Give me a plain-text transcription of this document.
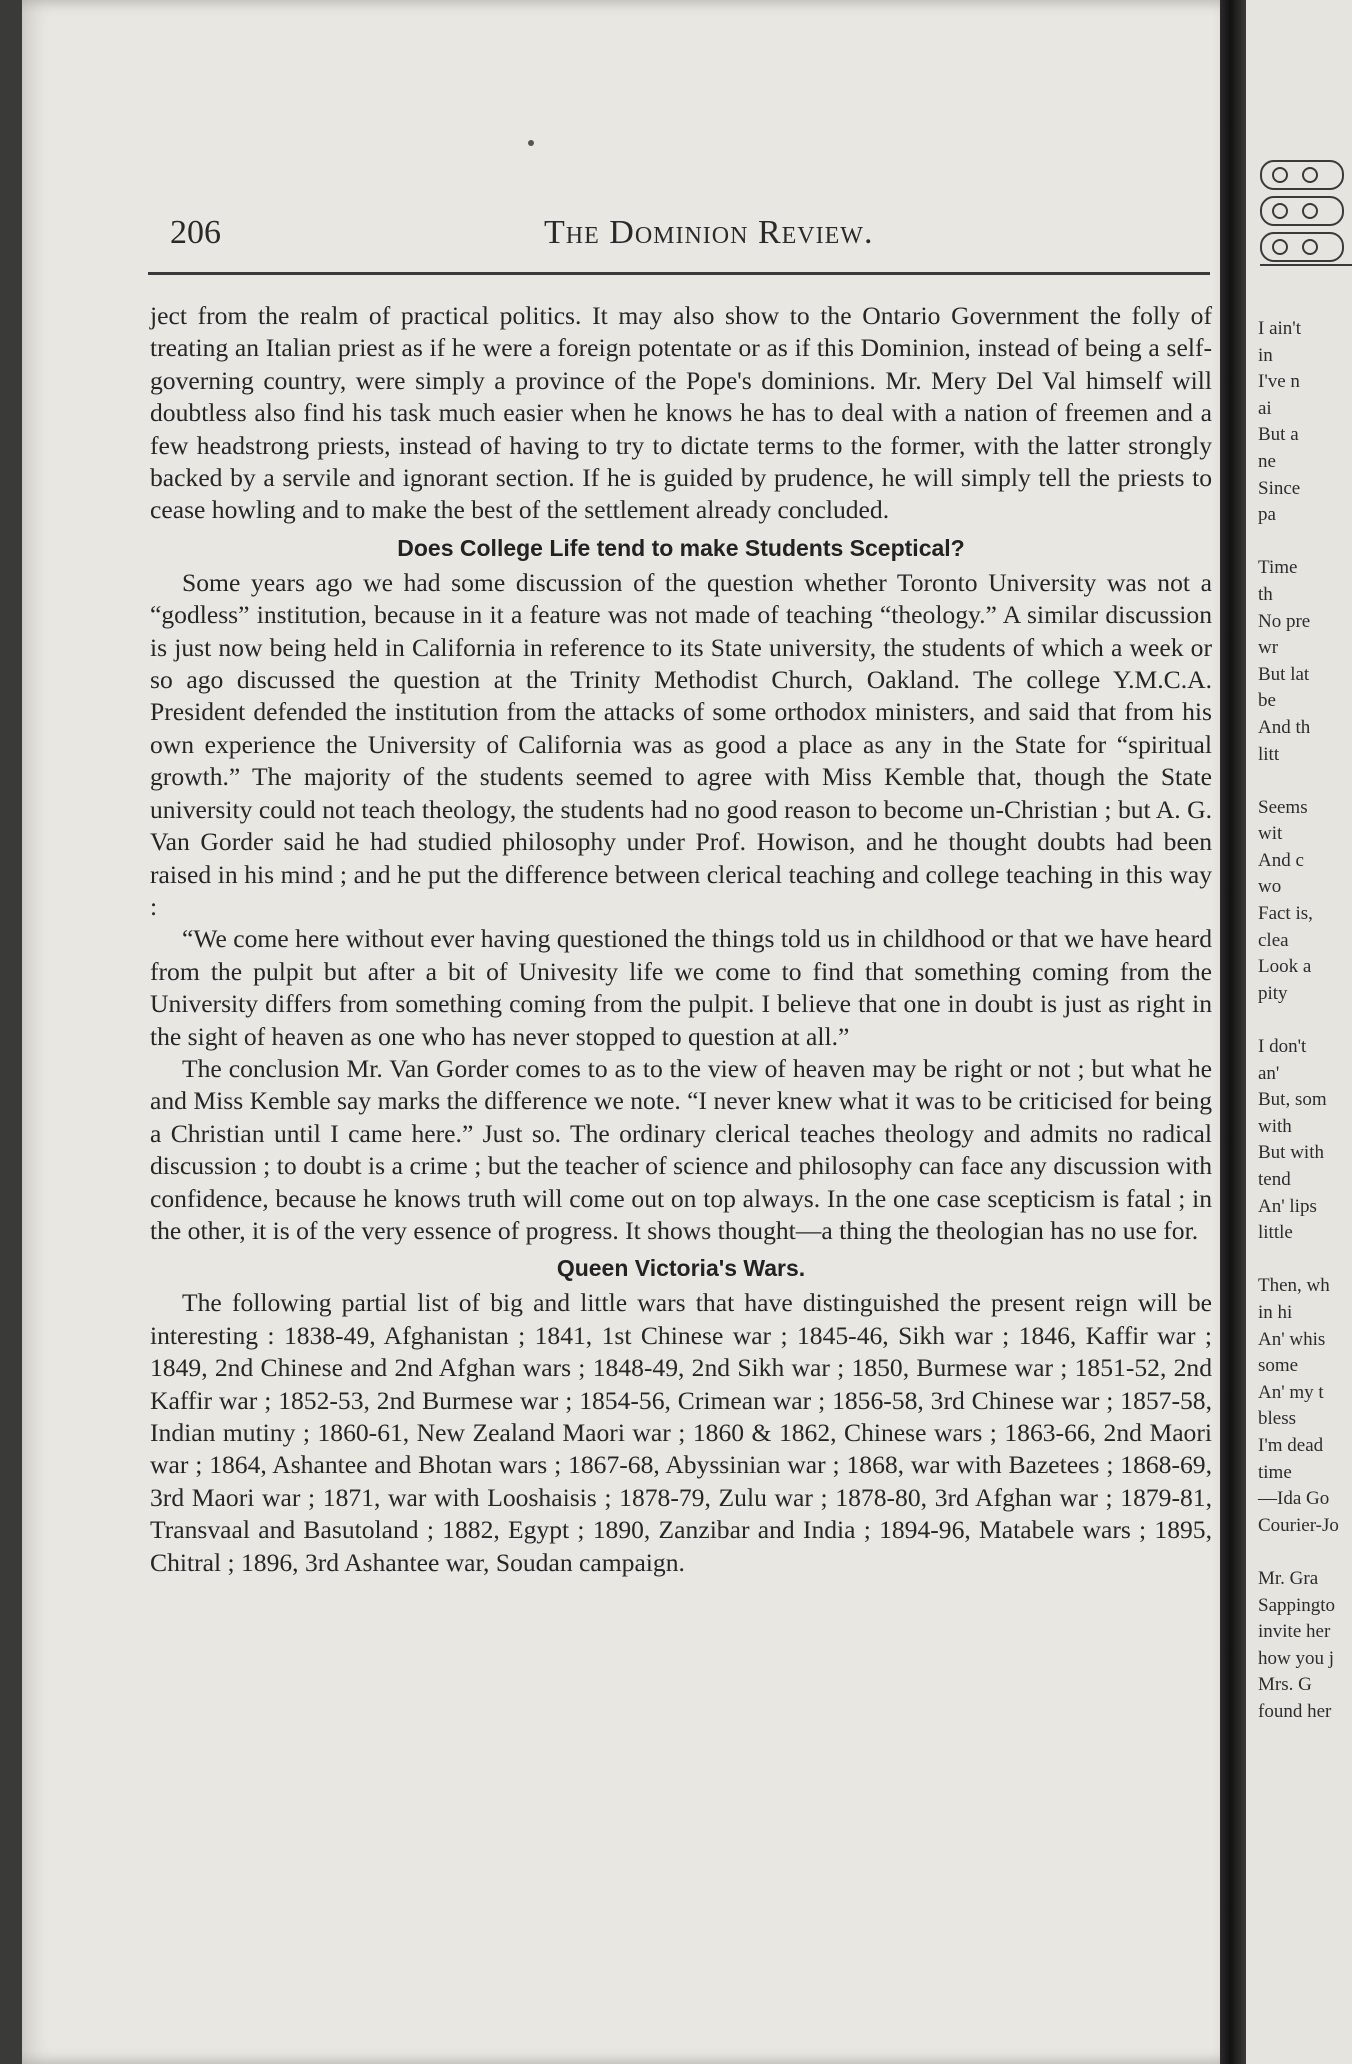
206	The Dominion Review.

ject from the realm of practical politics. It may also show to the Ontario Government the folly of treating an Italian priest as if he were a foreign potentate or as if this Dominion, instead of being a self-governing country, were simply a province of the Pope's dominions. Mr. Mery Del Val himself will doubtless also find his task much easier when he knows he has to deal with a nation of freemen and a few headstrong priests, instead of having to try to dictate terms to the former, with the latter strongly backed by a servile and ignorant section. If he is guided by prudence, he will simply tell the priests to cease howling and to make the best of the settlement already concluded.

Does College Life tend to make Students Sceptical?

Some years ago we had some discussion of the question whether Toronto University was not a “godless” institution, because in it a feature was not made of teaching “theology.” A similar discussion is just now being held in California in reference to its State university, the students of which a week or so ago discussed the question at the Trinity Methodist Church, Oakland. The college Y.M.C.A. President defended the institution from the attacks of some orthodox ministers, and said that from his own experience the University of California was as good a place as any in the State for “spiritual growth.” The majority of the students seemed to agree with Miss Kemble that, though the State university could not teach theology, the students had no good reason to become un-Christian ; but A. G. Van Gorder said he had studied philosophy under Prof. Howison, and he thought doubts had been raised in his mind ; and he put the difference between clerical teaching and college teaching in this way :

“We come here without ever having questioned the things told us in childhood or that we have heard from the pulpit but after a bit of Univesity life we come to find that something coming from the University differs from something coming from the pulpit. I believe that one in doubt is just as right in the sight of heaven as one who has never stopped to question at all.”

The conclusion Mr. Van Gorder comes to as to the view of heaven may be right or not ; but what he and Miss Kemble say marks the difference we note. “I never knew what it was to be criticised for being a Christian until I came here.” Just so. The ordinary clerical teaches theology and admits no radical discussion ; to doubt is a crime ; but the teacher of science and philosophy can face any discussion with confidence, because he knows truth will come out on top always. In the one case scepticism is fatal ; in the other, it is of the very essence of progress. It shows thought—a thing the theologian has no use for.

Queen Victoria's Wars.

The following partial list of big and little wars that have distinguished the present reign will be interesting : 1838-49, Afghanistan ; 1841, 1st Chinese war ; 1845-46, Sikh war ; 1846, Kaffir war ; 1849, 2nd Chinese and 2nd Afghan wars ; 1848-49, 2nd Sikh war ; 1850, Burmese war ; 1851-52, 2nd Kaffir war ; 1852-53, 2nd Burmese war ; 1854-56, Crimean war ; 1856-58, 3rd Chinese war ; 1857-58, Indian mutiny ; 1860-61, New Zealand Maori war ; 1860 & 1862, Chinese wars ; 1863-66, 2nd Maori war ; 1864, Ashantee and Bhotan wars ; 1867-68, Abyssinian war ; 1868, war with Bazetees ; 1868-69, 3rd Maori war ; 1871, war with Looshaisis ; 1878-79, Zulu war ; 1878-80, 3rd Afghan war ; 1879-81, Transvaal and Basutoland ; 1882, Egypt ; 1890, Zanzibar and India ; 1894-96, Matabele wars ; 1895, Chitral ; 1896, 3rd Ashantee war, Soudan campaign.

I ain't
in
I've n
ai
But a
ne
Since
pa
Time
th
No pre
wr
But lat
be
And th
litt
Seems
wit
And c
wo
Fact is,
clea
Look a
pity
I don't
an'
But, som
with
But with
tend
An' lips
little
Then, wh
in hi
An' whis
some
An' my t
bless
I'm dead
time
—Ida Go
Courier-Jo
Mr. Gra
Sappingto
invite her
how you j
Mrs. G
found her
